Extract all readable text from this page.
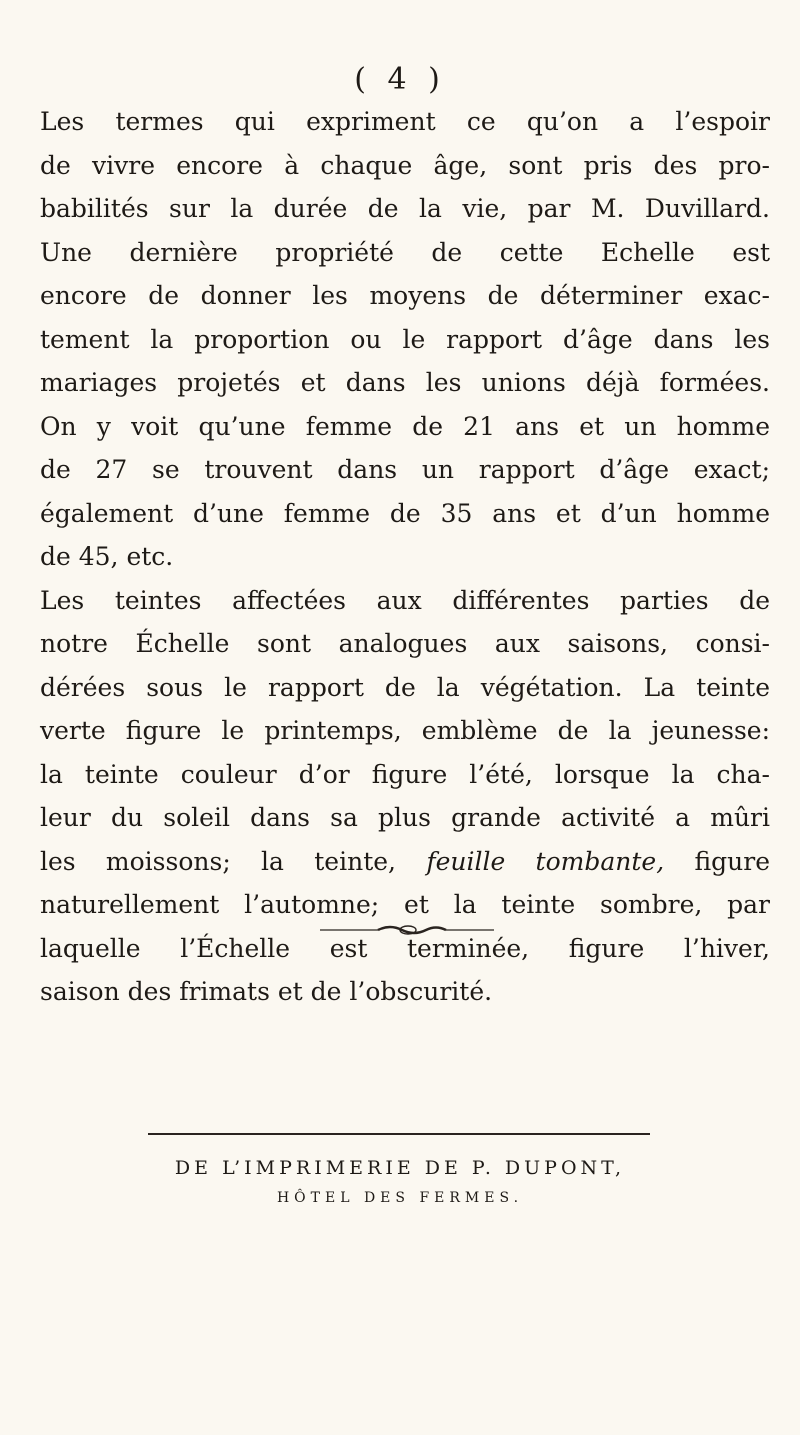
( 4 )
Les termes qui expriment ce qu’on a l’espoir
de vivre encore à chaque âge, sont pris des pro-
babilités sur la durée de la vie, par M. Duvillard.
Une dernière propriété de cette Echelle est
encore de donner les moyens de déterminer exac-
tement la proportion ou le rapport d’âge dans les
mariages projetés et dans les unions déjà formées.
On y voit qu’une femme de 21 ans et un homme
de 27 se trouvent dans un rapport d’âge exact;
également d’une femme de 35 ans et d’un homme
de 45, etc.
Les teintes affectées aux différentes parties de
notre Échelle sont analogues aux saisons, consi-
dérées sous le rapport de la végétation. La teinte
verte figure le printemps, emblème de la jeunesse:
la teinte couleur d’or figure l’été, lorsque la cha-
leur du soleil dans sa plus grande activité a mûri
les moissons; la teinte, feuille tombante, figure
naturellement l’automne; et la teinte sombre, par
laquelle l’Échelle est terminée, figure l’hiver,
saison des frimats et de l’obscurité.
DE L’IMPRIMERIE DE P. DUPONT,
HÔTEL DES FERMES.
